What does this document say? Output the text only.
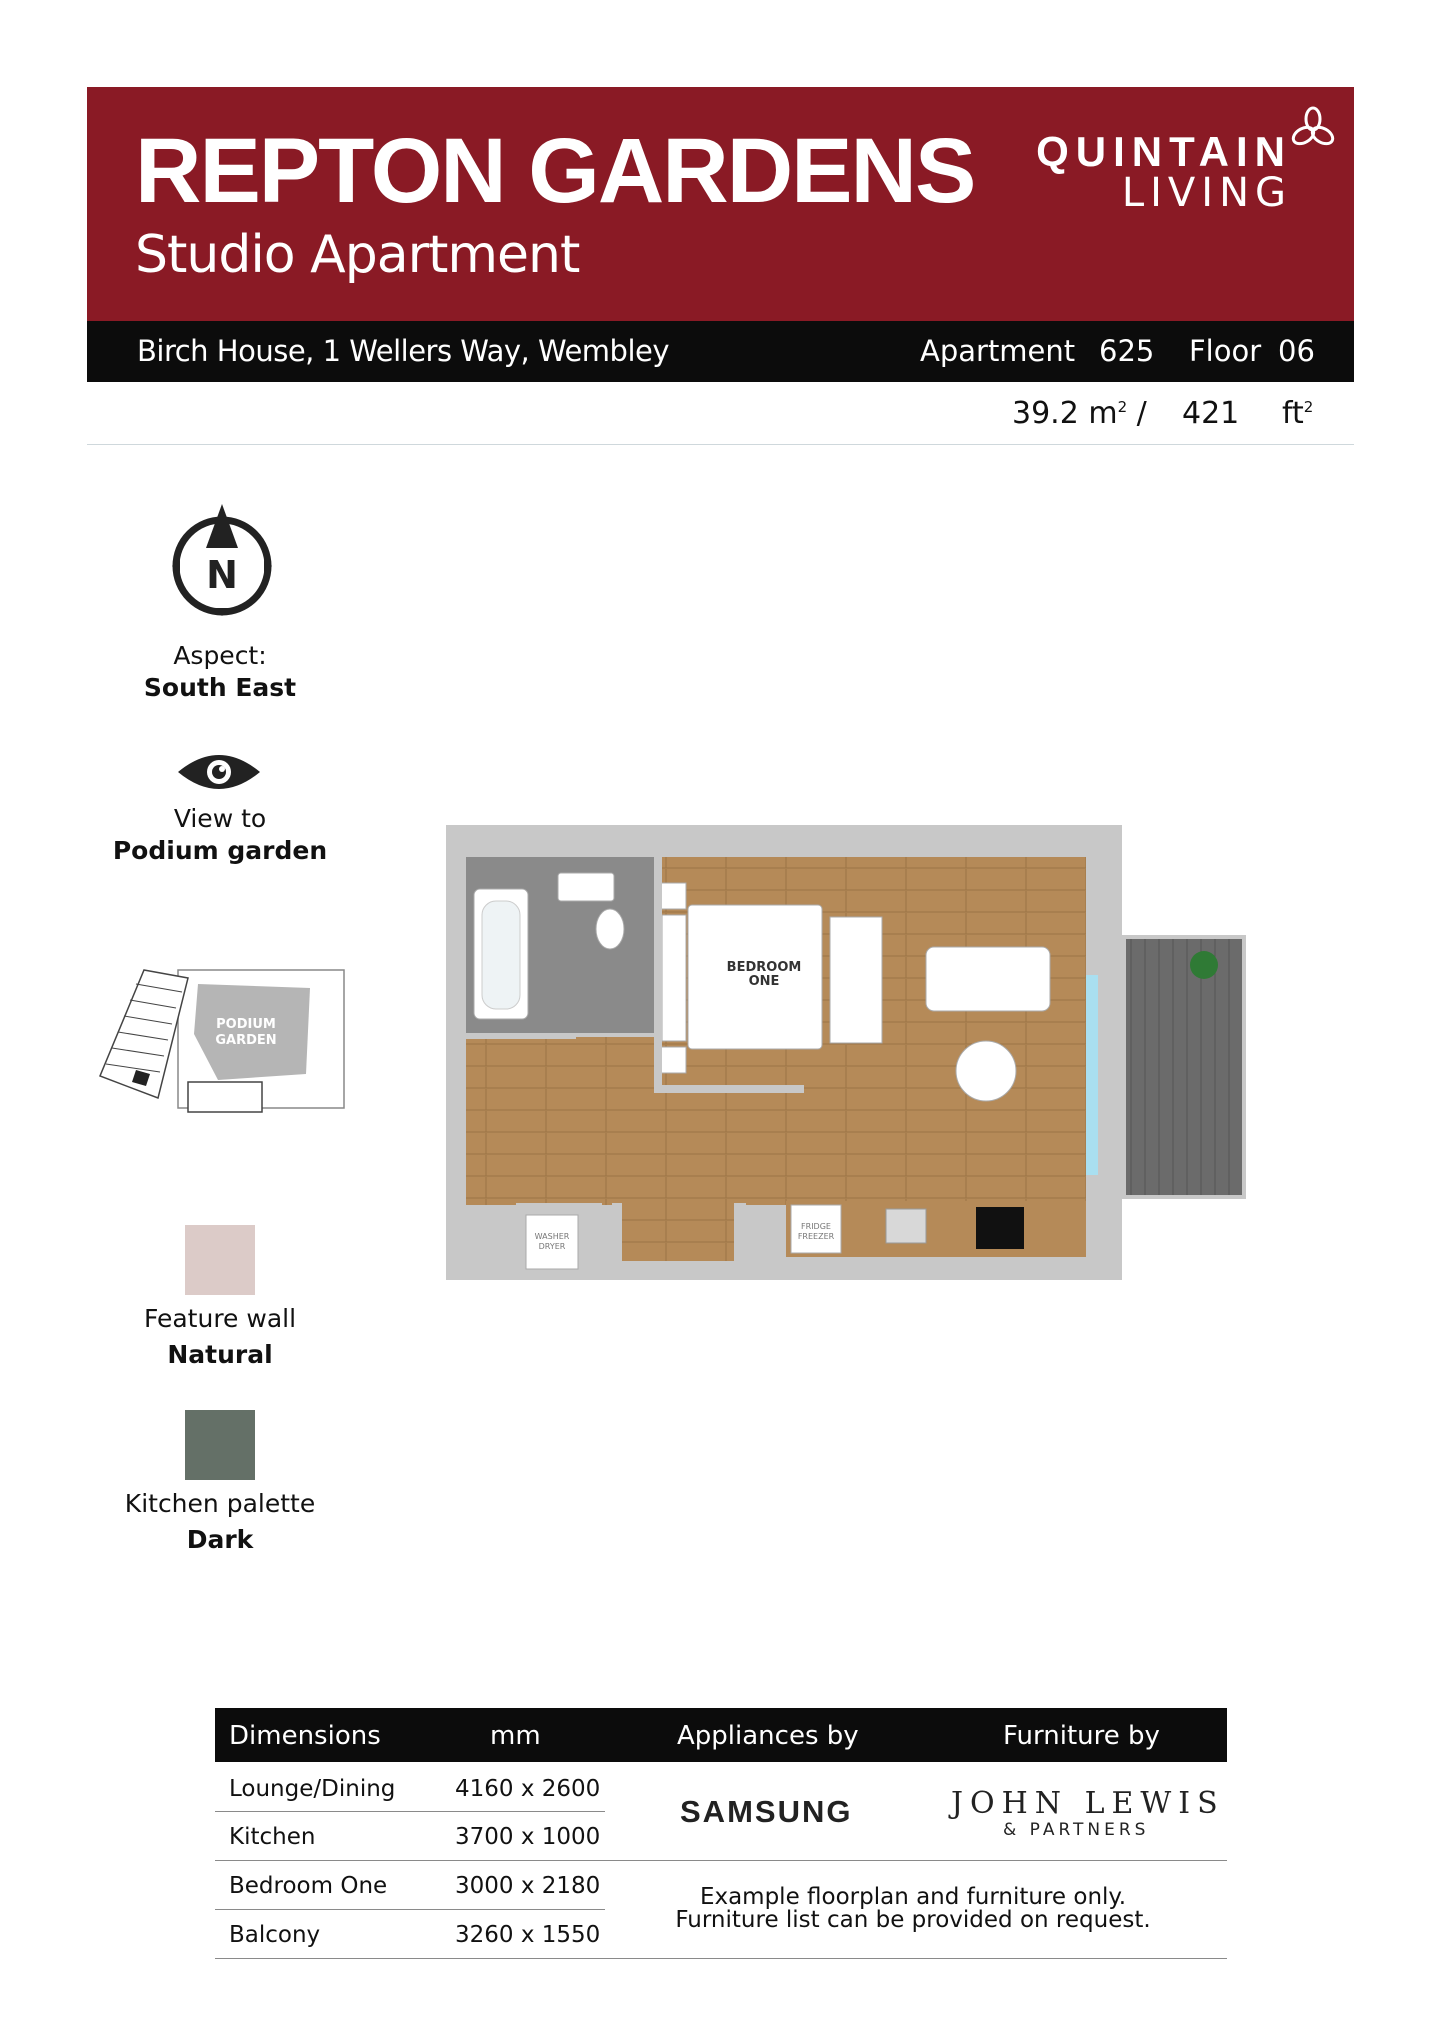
REPTON GARDENS
Studio Apartment
QUINTAIN
LIVING
Birch House, 1 Wellers Way, Wembley	Apartment 625 Floor 06
39.2 $m^2 / 421$ $ft^2$
N
Aspect:
South East
View to
Podium garden
PODIUM
GARDEN
Feature wall
Natural
Kitchen palette
Dark
BEDROOM
ONE
WASHER
DRYER
FRIDGE
FREEZER
Dimensions	mm	Appliances by	Furniture by
Lounge/Dining	4160 x 2600
Kitchen	3700 x 1000
Bedroom One	3000 x 2180
Balcony	3260 x 1550
SAMSUNG	JOHN LEWIS
& PARTNERS
Example floorplan and furniture only.
Furniture list can be provided on request.
